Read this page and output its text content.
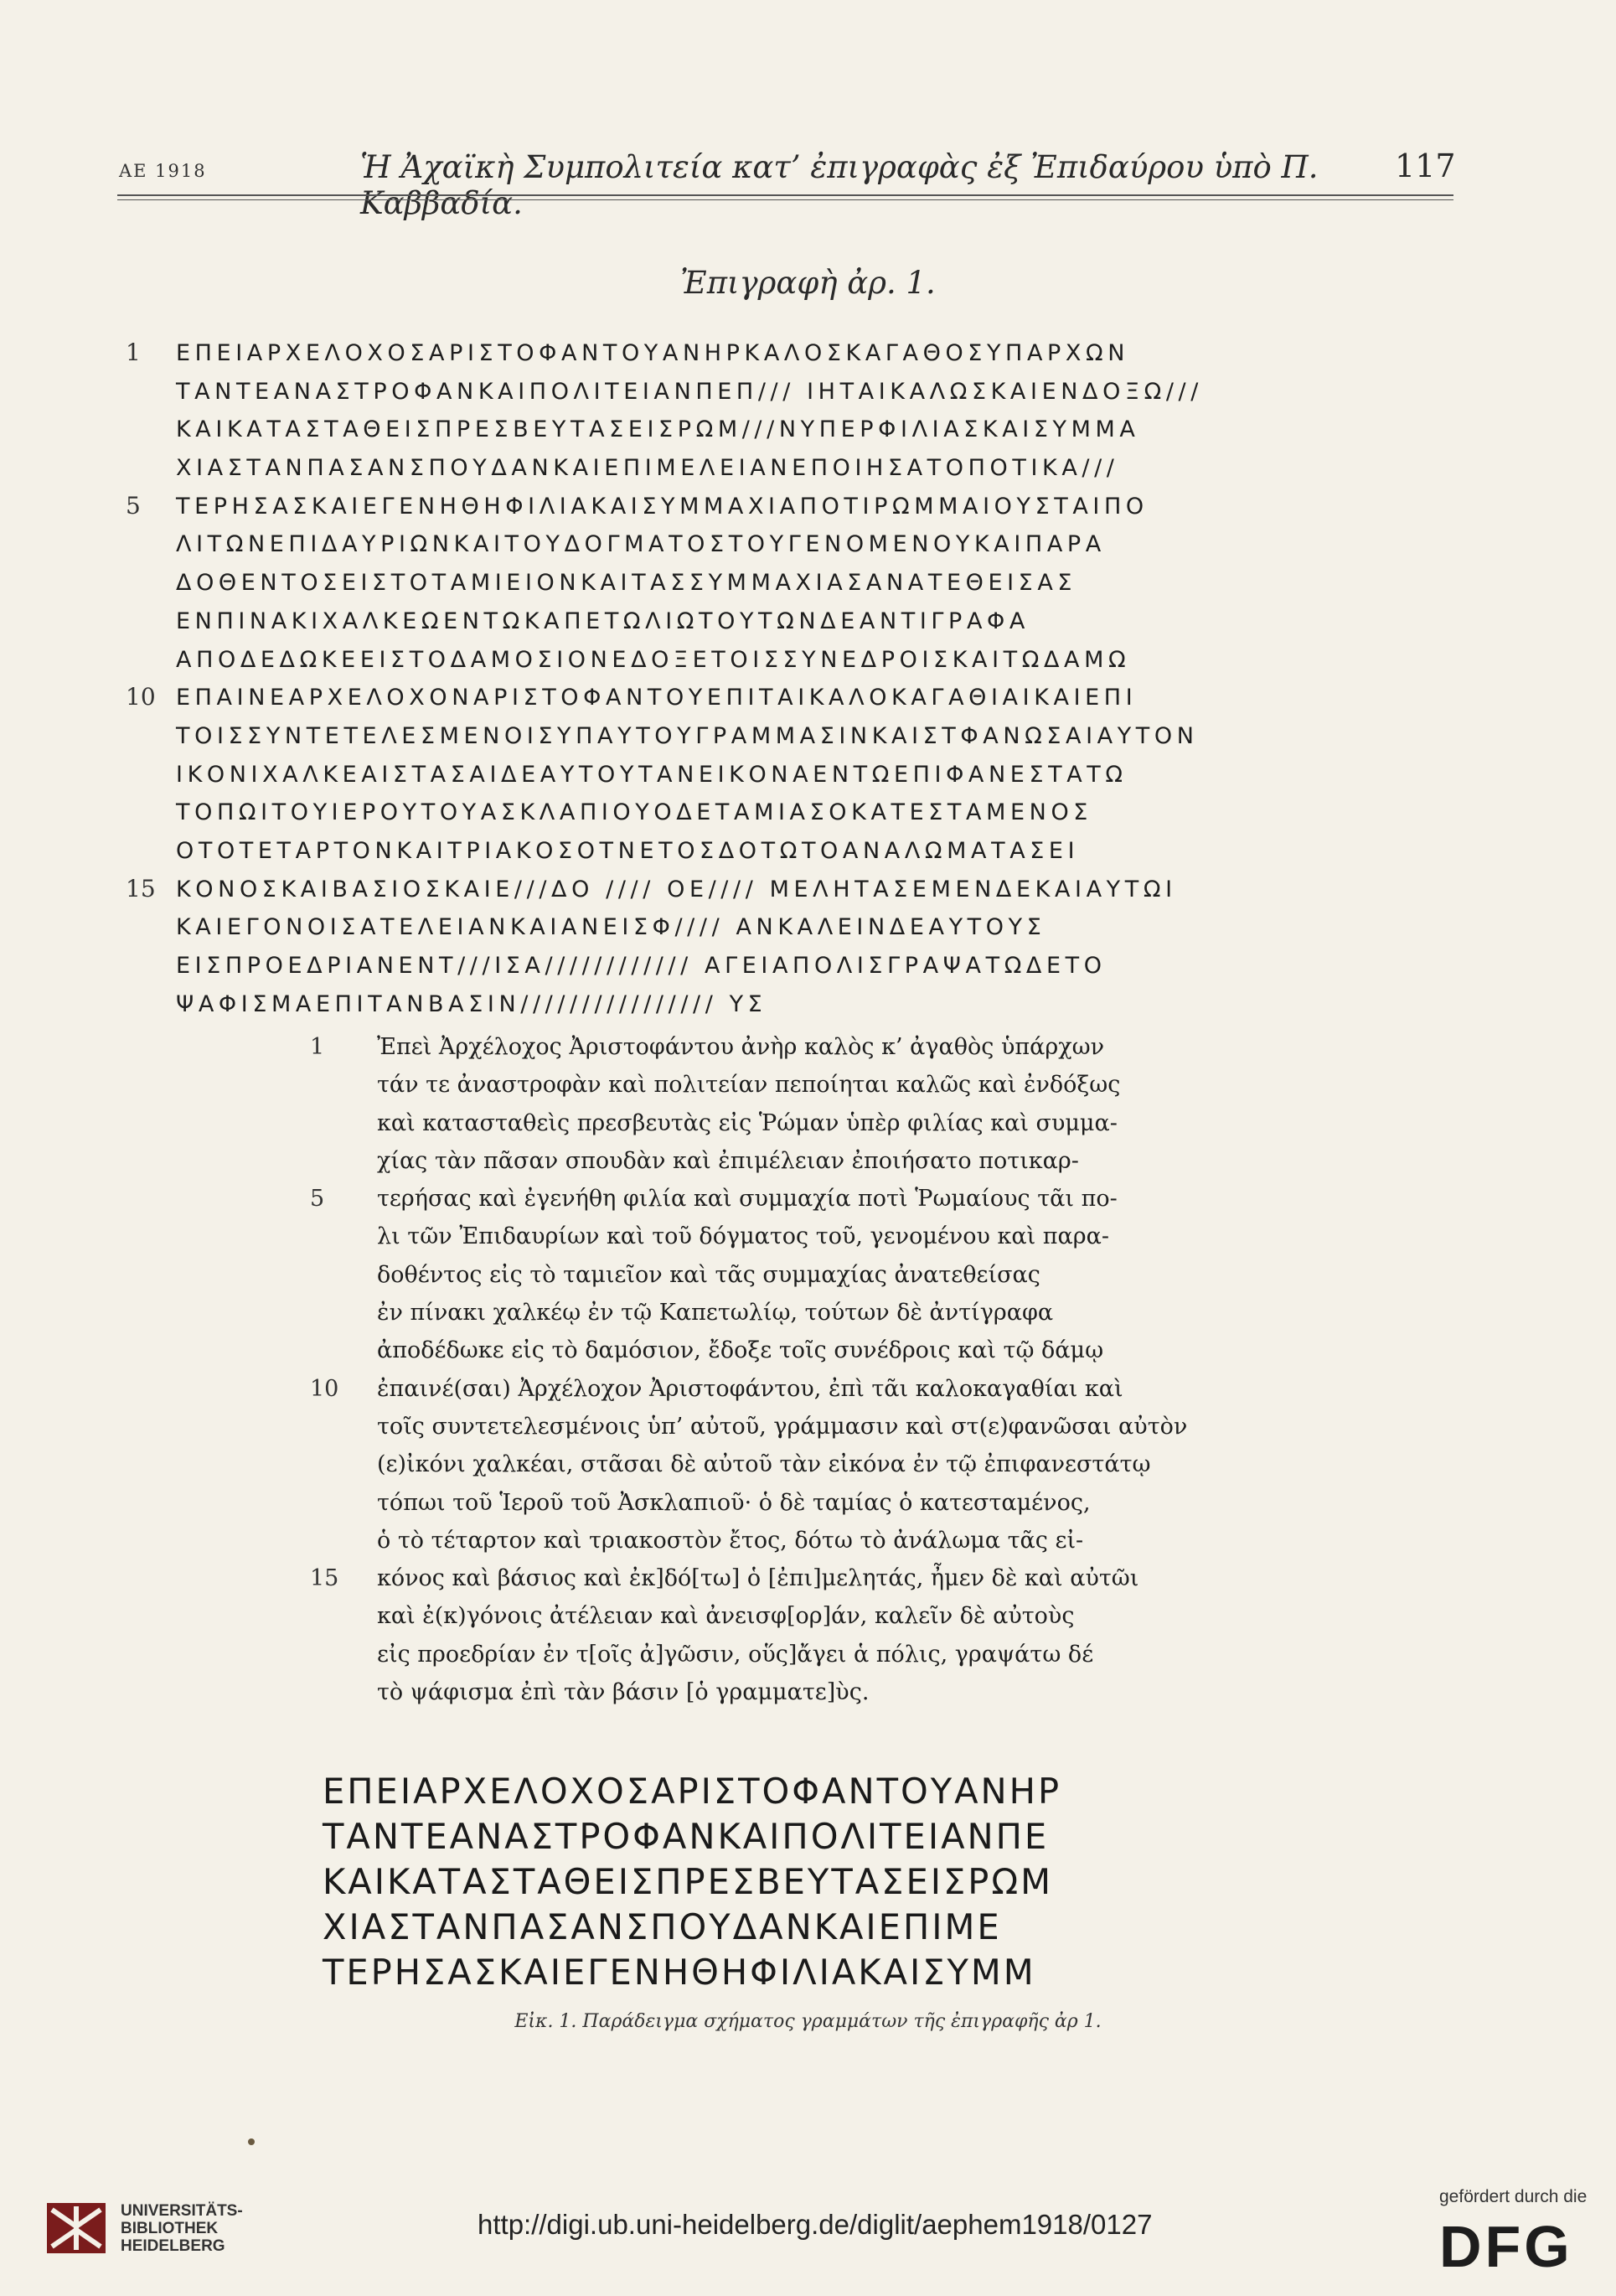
ΑΕ 1918	Ἡ Ἀχαϊκὴ Συμπολιτεία κατ’ ἐπιγραφὰς ἐξ Ἐπιδαύρου ὑπὸ Π. Καββαδία.
117
Ἐπιγραφὴ ἀρ. 1.
1	ΕΠΕΙΑΡΧΕΛΟΧΟΣΑΡΙΣΤΟΦΑΝΤΟΥΑΝΗΡΚΑΛΟΣΚΑΓΑΘΟΣΥΠΑΡΧΩΝ
ΤΑΝΤΕΑΝΑΣΤΡΟΦΑΝΚΑΙΠΟΛΙΤΕΙΑΝΠΕΠ/// ΙΗΤΑΙΚΑΛΩΣΚΑΙΕΝΔΟΞΩ///
ΚΑΙΚΑΤΑΣΤΑΘΕΙΣΠΡΕΣΒΕΥΤΑΣΕΙΣΡΩΜ///ΝΥΠΕΡΦΙΛΙΑΣΚΑΙΣΥΜΜΑ
ΧΙΑΣΤΑΝΠΑΣΑΝΣΠΟΥΔΑΝΚΑΙΕΠΙΜΕΛΕΙΑΝΕΠΟΙΗΣΑΤΟΠΟΤΙΚΑ///
5	ΤΕΡΗΣΑΣΚΑΙΕΓΕΝΗΘΗΦΙΛΙΑΚΑΙΣΥΜΜΑΧΙΑΠΟΤΙΡΩΜΜΑΙΟΥΣΤΑΙΠΟ
ΛΙΤΩΝΕΠΙΔΑΥΡΙΩΝΚΑΙΤΟΥΔΟΓΜΑΤΟΣΤΟΥΓΕΝΟΜΕΝΟΥΚΑΙΠΑΡΑ
ΔΟΘΕΝΤΟΣΕΙΣΤΟΤΑΜΙΕΙΟΝΚΑΙΤΑΣΣΥΜΜΑΧΙΑΣΑΝΑΤΕΘΕΙΣΑΣ
ΕΝΠΙΝΑΚΙΧΑΛΚΕΩΕΝΤΩΚΑΠΕΤΩΛΙΩΤΟΥΤΩΝΔΕΑΝΤΙΓΡΑΦΑ
ΑΠΟΔΕΔΩΚΕΕΙΣΤΟΔΑΜΟΣΙΟΝΕΔΟΞΕΤΟΙΣΣΥΝΕΔΡΟΙΣΚΑΙΤΩΔΑΜΩ
10 ΕΠΑΙΝΕΑΡΧΕΛΟΧΟΝΑΡΙΣΤΟΦΑΝΤΟΥΕΠΙΤΑΙΚΑΛΟΚΑΓΑΘΙΑΙΚΑΙΕΠΙ
ΤΟΙΣΣΥΝΤΕΤΕΛΕΣΜΕΝΟΙΣΥΠΑΥΤΟΥΓΡΑΜΜΑΣΙΝΚΑΙΣΤΦΑΝΩΣΑΙΑΥΤΟΝ
ΙΚΟΝΙΧΑΛΚΕΑΙΣΤΑΣΑΙΔΕΑΥΤΟΥΤΑΝΕΙΚΟΝΑΕΝΤΩΕΠΙΦΑΝΕΣΤΑΤΩ
ΤΟΠΩΙΤΟΥΙΕΡΟΥΤΟΥΑΣΚΛΑΠΙΟΥΟΔΕΤΑΜΙΑΣΟΚΑΤΕΣΤΑΜΕΝΟΣ
ΟΤΟΤΕΤΑΡΤΟΝΚΑΙΤΡΙΑΚΟΣΟΤΝΕΤΟΣΔΟΤΩΤΟΑΝΑΛΩΜΑΤΑΣΕΙ
15 ΚΟΝΟΣΚΑΙΒΑΣΙΟΣΚΑΙΕ///ΔΟ //// ΟΕ//// ΜΕΛΗΤΑΣΕΜΕΝΔΕΚΑΙΑΥΤΩΙ
ΚΑΙΕΓΟΝΟΙΣΑΤΕΛΕΙΑΝΚΑΙΑΝΕΙΣΦ//// ΑΝΚΑΛΕΙΝΔΕΑΥΤΟΥΣ
ΕΙΣΠΡΟΕΔΡΙΑΝΕΝΤ///ΙΣΑ//////////// ΑΓΕΙΑΠΟΛΙΣΓΡΑΨΑΤΩΔΕΤΟ
ΨΑΦΙΣΜΑΕΠΙΤΑΝΒΑΣΙΝ//////////////// ΥΣ
1 Ἐπεὶ Ἀρχέλοχος Ἀριστοφάντου ἀνὴρ καλὸς κ’ ἀγαθὸς ὑπάρχων
τάν τε ἀναστροφὰν καὶ πολιτείαν πεποίηται καλῶς καὶ ἐνδόξως
καὶ κατασταθεὶς πρεσβευτὰς εἰς Ῥώμαν ὑπὲρ φιλίας καὶ συμμα-
χίας τὰν πᾶσαν σπουδὰν καὶ ἐπιμέλειαν ἐποιήσατο ποτικαρ-
5 τερήσας καὶ ἐγενήθη φιλία καὶ συμμαχία ποτὶ Ῥωμαίους τᾶι πο-
λι τῶν Ἐπιδαυρίων καὶ τοῦ δόγματος τοῦ, γενομένου καὶ παρα-
δοθέντος εἰς τὸ ταμιεῖον καὶ τᾶς συμμαχίας ἀνατεθείσας
ἐν πίνακι χαλκέῳ ἐν τῷ Καπετωλίῳ, τούτων δὲ ἀντίγραφα
ἀποδέδωκε εἰς τὸ δαμόσιον, ἔδοξε τοῖς συνέδροις καὶ τῷ δάμῳ
10 ἐπαινέ(σαι) Ἀρχέλοχον Ἀριστοφάντου, ἐπὶ τᾶι καλοκαγαθίαι καὶ
τοῖς συντετελεσμένοις ὑπ’ αὐτοῦ, γράμμασιν καὶ στ(ε)φανῶσαι αὐτὸν
(ε)ἰκόνι χαλκέαι, στᾶσαι δὲ αὐτοῦ τὰν εἰκόνα ἐν τῷ ἐπιφανεστάτῳ
τόπωι τοῦ Ἱεροῦ τοῦ Ἀσκλαπιοῦ· ὁ δὲ ταμίας ὁ κατεσταμένος,
ὁ τὸ τέταρτον καὶ τριακοστὸν ἔτος, δότω τὸ ἀνάλωμα τᾶς εἰ-
15 κόνος καὶ βάσιος καὶ ἐκ]δό[τω] ὁ [ἐπι]μελητάς, ἦμεν δὲ καὶ αὐτῶι
καὶ ἐ(κ)γόνοις ἀτέλειαν καὶ ἀνεισφ[ορ]άν, καλεῖν δὲ αὐτοὺς
εἰς προεδρίαν ἐν τ[οῖς ἀ]γῶσιν, οὕς]ἄγει ἁ πόλις, γραψάτω δέ
τὸ ψάφισμα ἐπὶ τὰν βάσιν [ὁ γραμματε]ὺς.
ΕΠΕΙΑΡΧΕΛΟΧΟΣΑΡΙΣΤΟΦΑΝΤΟΥΑΝΗΡ
ΤΑΝΤΕΑΝΑΣΤΡΟΦΑΝΚΑΙΠΟΛΙΤΕΙΑΝΠΕ
ΚΑΙΚΑΤΑΣΤΑΘΕΙΣΠΡΕΣΒΕΥΤΑΣΕΙΣΡΩΜ
ΧΙΑΣΤΑΝΠΑΣΑΝΣΠΟΥΔΑΝΚΑΙΕΠΙΜΕ
ΤΕΡΗΣΑΣΚΑΙΕΓΕΝΗΘΗΦΙΛΙΑΚΑΙΣΥΜΜ
Εἰκ. 1. Παράδειγμα σχήματος γραμμάτων τῆς ἐπιγραφῆς ἀρ 1.
UNIVERSITÄTS-
BIBLIOTHEK
HEIDELBERG
http://digi.ub.uni-heidelberg.de/diglit/aephem1918/0127
gefördert durch die
DFG
